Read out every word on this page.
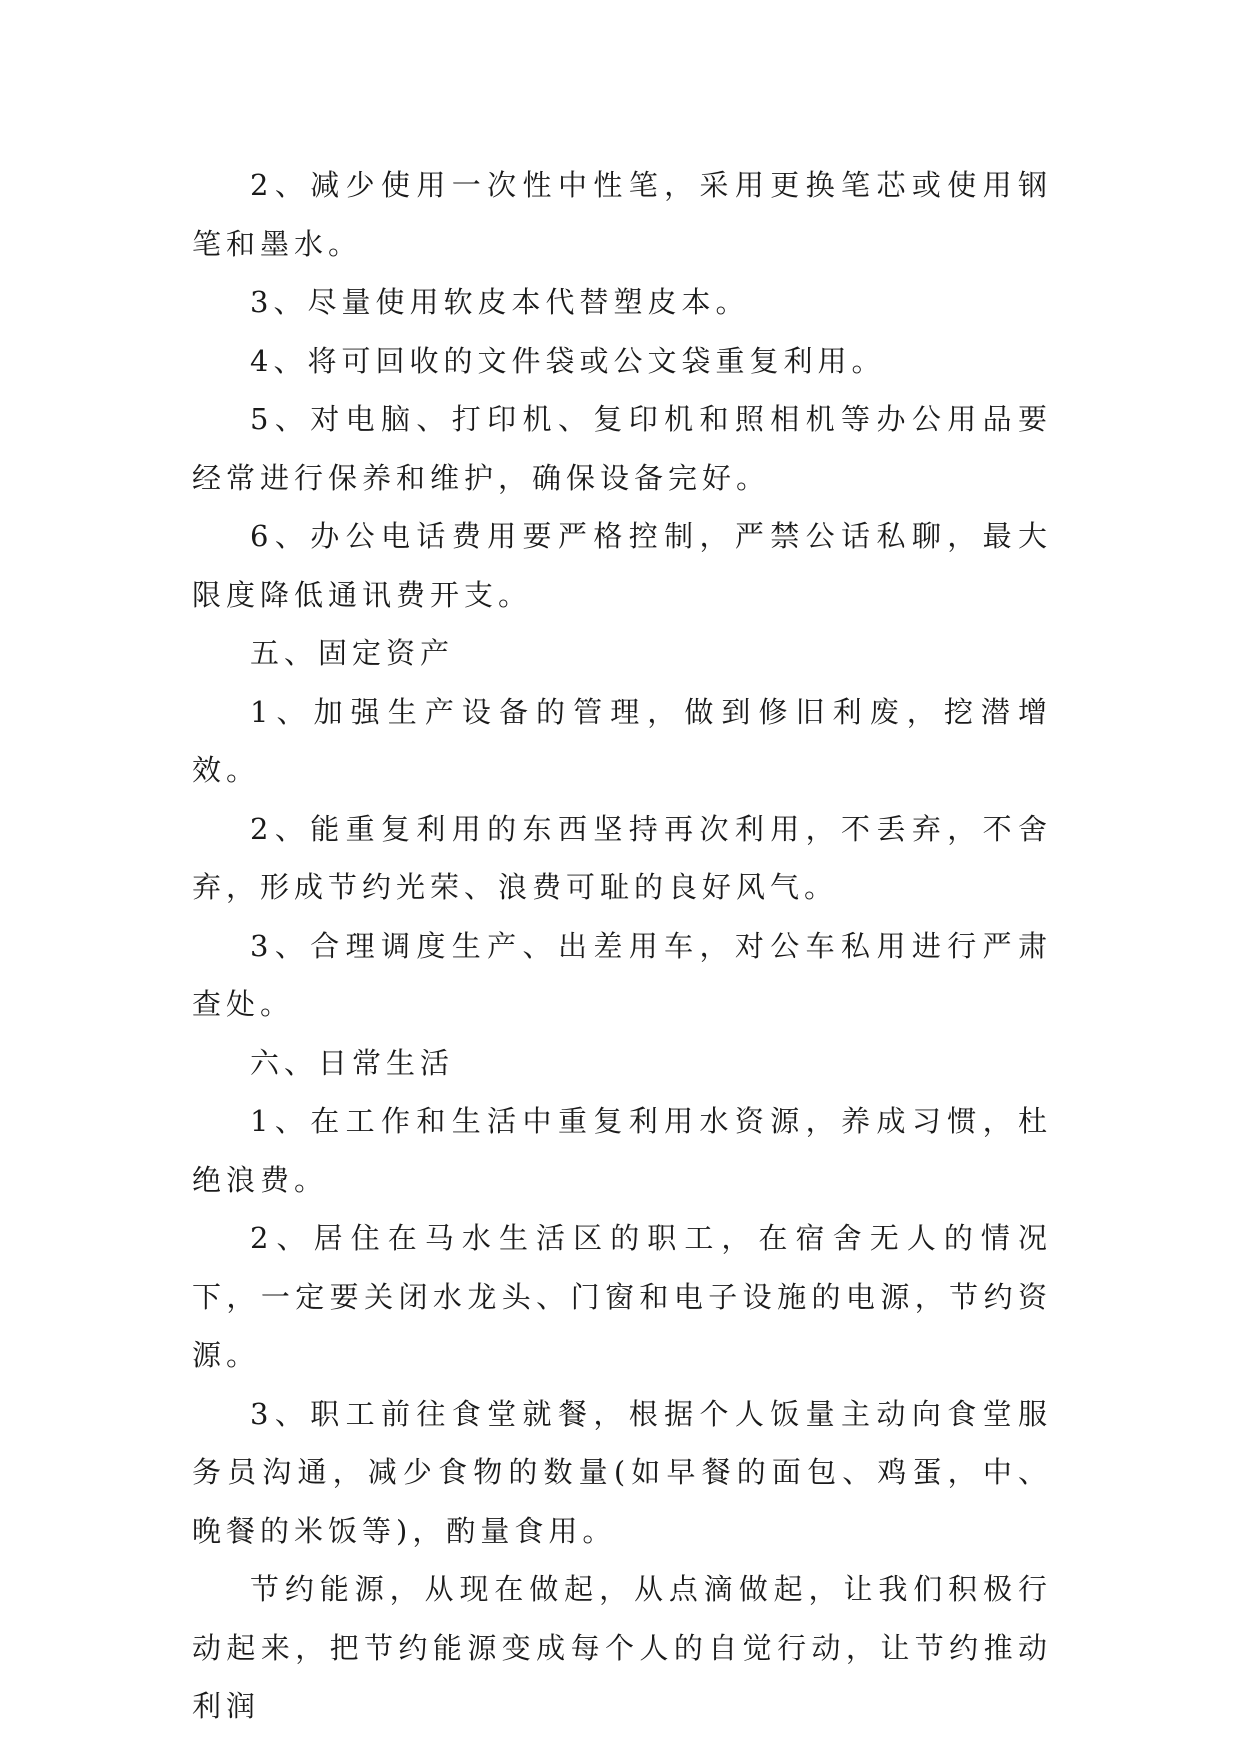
2、减少使用一次性中性笔，采用更换笔芯或使用钢笔和墨水。

3、尽量使用软皮本代替塑皮本。

4、将可回收的文件袋或公文袋重复利用。

5、对电脑、打印机、复印机和照相机等办公用品要经常进行保养和维护，确保设备完好。

6、办公电话费用要严格控制，严禁公话私聊，最大限度降低通讯费开支。

五、固定资产

1、加强生产设备的管理，做到修旧利废，挖潜增效。

2、能重复利用的东西坚持再次利用，不丢弃，不舍弃，形成节约光荣、浪费可耻的良好风气。

3、合理调度生产、出差用车，对公车私用进行严肃查处。

六、日常生活

1、在工作和生活中重复利用水资源，养成习惯，杜绝浪费。

2、居住在马水生活区的职工，在宿舍无人的情况下，一定要关闭水龙头、门窗和电子设施的电源，节约资源。

3、职工前往食堂就餐，根据个人饭量主动向食堂服务员沟通，减少食物的数量(如早餐的面包、鸡蛋，中、晚餐的米饭等)，酌量食用。

节约能源，从现在做起，从点滴做起，让我们积极行动起来，把节约能源变成每个人的自觉行动，让节约推动利润
